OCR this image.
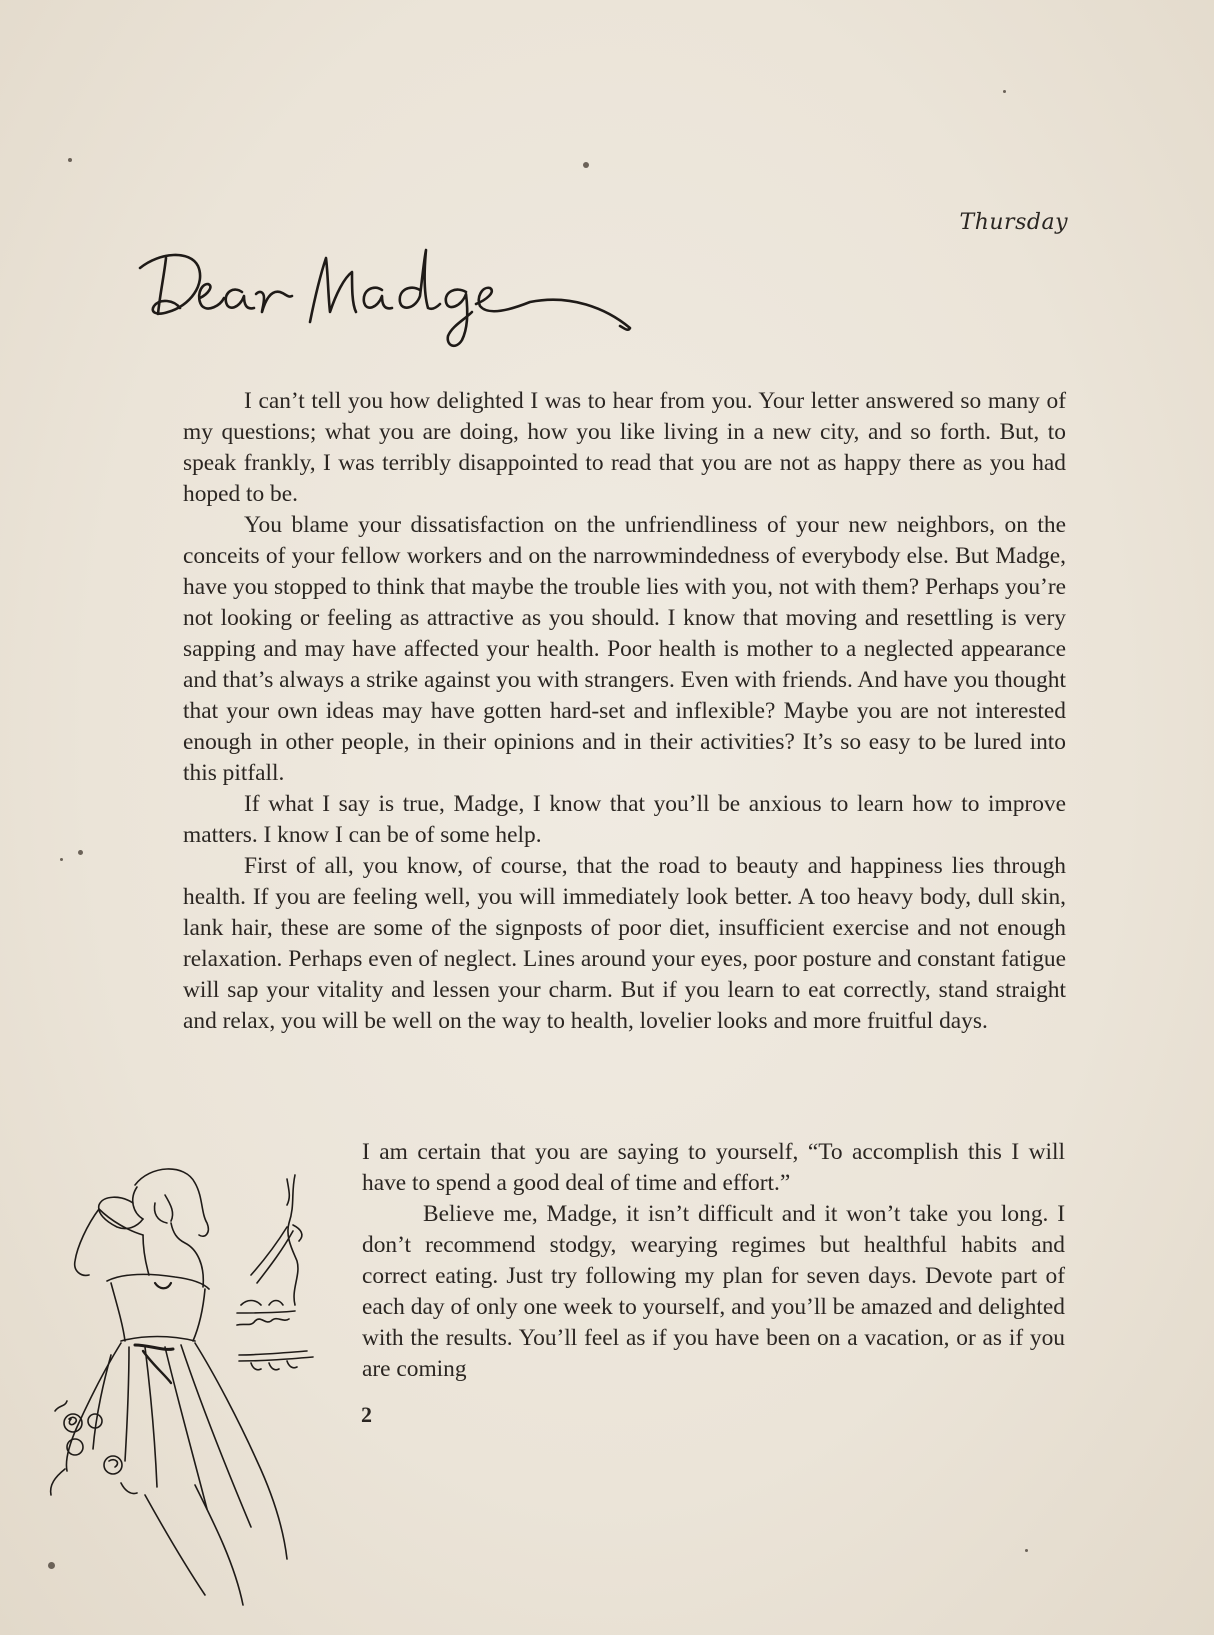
Thursday

I can’t tell you how delighted I was to hear from you. Your letter answered so many of my questions; what you are doing, how you like living in a new city, and so forth. But, to speak frankly, I was terribly disappointed to read that you are not as happy there as you had hoped to be.

You blame your dissatisfaction on the unfriendliness of your new neighbors, on the conceits of your fellow workers and on the narrowmindedness of everybody else. But Madge, have you stopped to think that maybe the trouble lies with you, not with them? Perhaps you’re not looking or feeling as attractive as you should. I know that moving and resettling is very sapping and may have affected your health. Poor health is mother to a neglected appearance and that’s always a strike against you with strangers. Even with friends. And have you thought that your own ideas may have gotten hard-set and inflexible? Maybe you are not interested enough in other people, in their opinions and in their activities? It’s so easy to be lured into this pitfall.

If what I say is true, Madge, I know that you’ll be anxious to learn how to improve matters. I know I can be of some help.

First of all, you know, of course, that the road to beauty and happiness lies through health. If you are feeling well, you will immediately look better. A too heavy body, dull skin, lank hair, these are some of the signposts of poor diet, insufficient exercise and not enough relaxation. Perhaps even of neglect. Lines around your eyes, poor posture and constant fatigue will sap your vitality and lessen your charm. But if you learn to eat correctly, stand straight and relax, you will be well on the way to health, lovelier looks and more fruitful days.

I am certain that you are saying to yourself, “To accomplish this I will have to spend a good deal of time and effort.”

Believe me, Madge, it isn’t difficult and it won’t take you long. I don’t recommend stodgy, wearying regimes but healthful habits and correct eating. Just try following my plan for seven days. Devote part of each day of only one week to yourself, and you’ll be amazed and delighted with the results. You’ll feel as if you have been on a vacation, or as if you are coming

2
